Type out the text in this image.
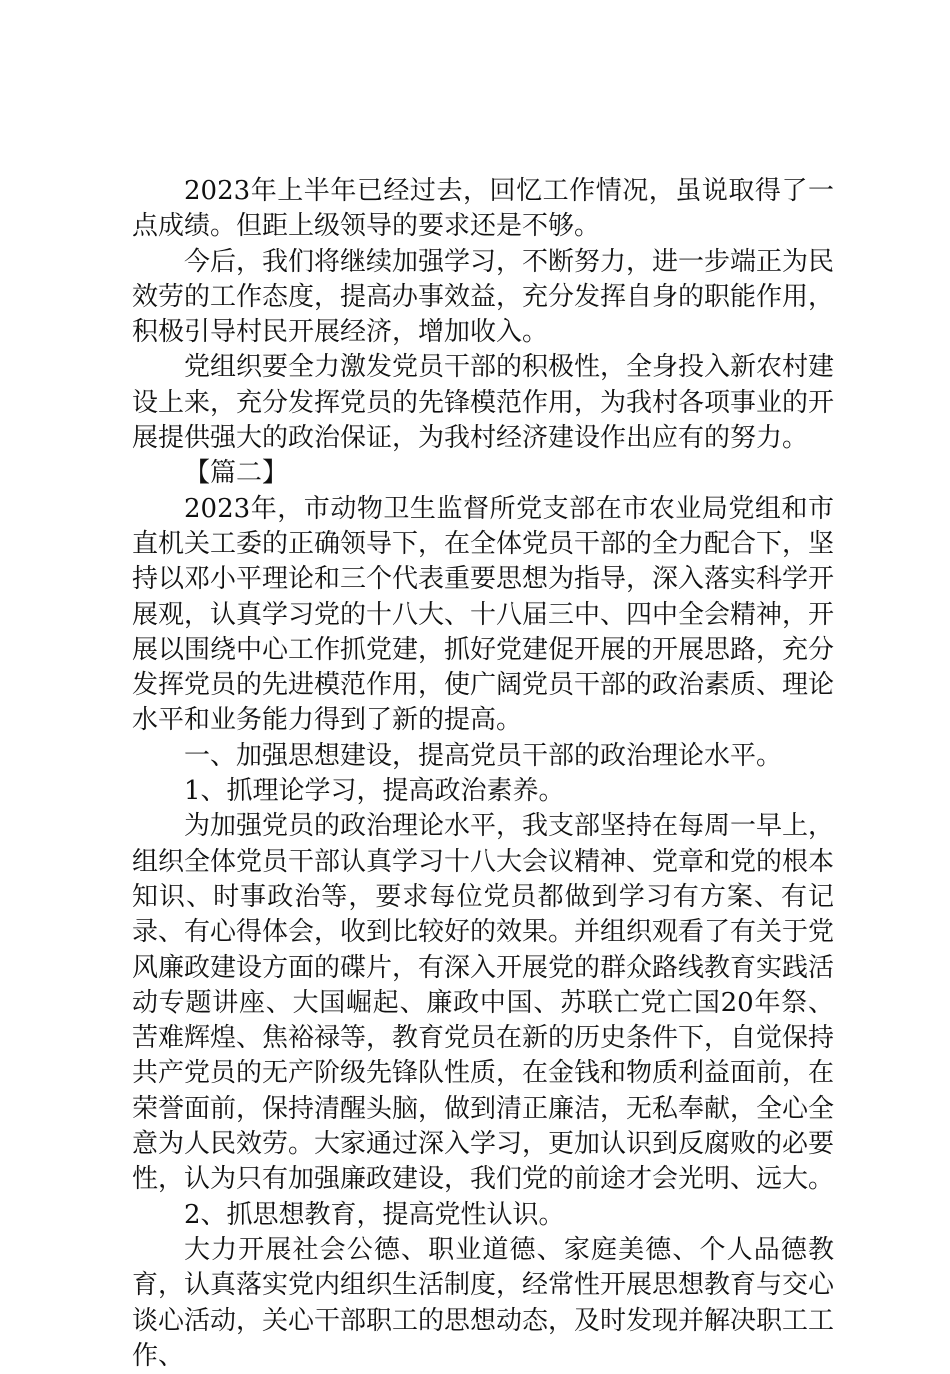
2023年上半年已经过去，回忆工作情况，虽说取得了一点成绩。但距上级领导的要求还是不够。

今后，我们将继续加强学习，不断努力，进一步端正为民效劳的工作态度，提高办事效益，充分发挥自身的职能作用，积极引导村民开展经济，增加收入。

党组织要全力激发党员干部的积极性，全身投入新农村建设上来，充分发挥党员的先锋模范作用，为我村各项事业的开展提供强大的政治保证，为我村经济建设作出应有的努力。

【篇二】

2023年，市动物卫生监督所党支部在市农业局党组和市直机关工委的正确领导下，在全体党员干部的全力配合下，坚持以邓小平理论和三个代表重要思想为指导，深入落实科学开展观，认真学习党的十八大、十八届三中、四中全会精神，开展以围绕中心工作抓党建，抓好党建促开展的开展思路，充分发挥党员的先进模范作用，使广阔党员干部的政治素质、理论水平和业务能力得到了新的提高。

一、加强思想建设，提高党员干部的政治理论水平。

1、抓理论学习，提高政治素养。

为加强党员的政治理论水平，我支部坚持在每周一早上，组织全体党员干部认真学习十八大会议精神、党章和党的根本知识、时事政治等，要求每位党员都做到学习有方案、有记录、有心得体会，收到比较好的效果。并组织观看了有关于党风廉政建设方面的碟片，有深入开展党的群众路线教育实践活动专题讲座、大国崛起、廉政中国、苏联亡党亡国20年祭、苦难辉煌、焦裕禄等，教育党员在新的历史条件下，自觉保持共产党员的无产阶级先锋队性质，在金钱和物质利益面前，在荣誉面前，保持清醒头脑，做到清正廉洁，无私奉献，全心全意为人民效劳。大家通过深入学习，更加认识到反腐败的必要性，认为只有加强廉政建设，我们党的前途才会光明、远大。

2、抓思想教育，提高党性认识。

大力开展社会公德、职业道德、家庭美德、个人品德教育，认真落实党内组织生活制度，经常性开展思想教育与交心谈心活动，关心干部职工的思想动态，及时发现并解决职工工作、
